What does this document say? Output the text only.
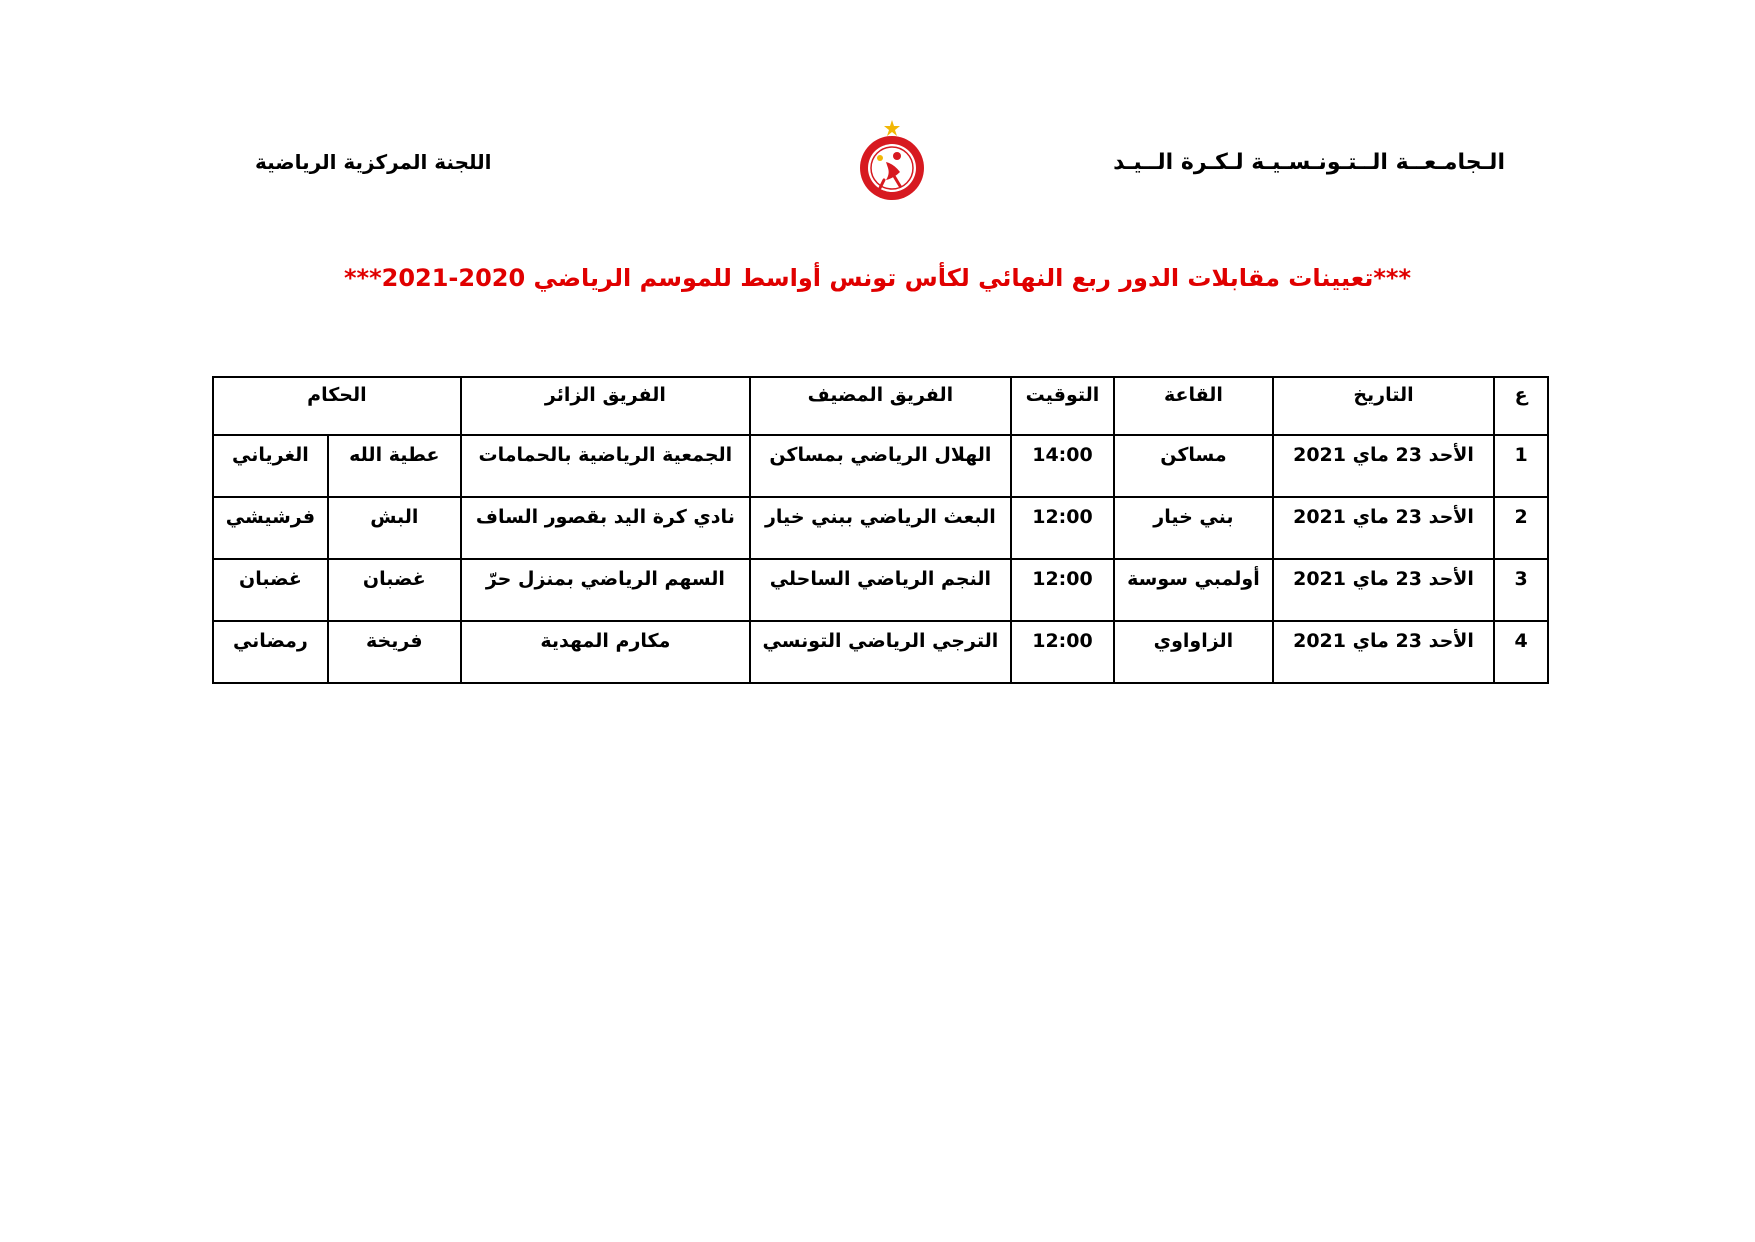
الـجامـعــة الــتـونـسـيـة لـكـرة الــيـد
اللجنة المركزية الرياضية
***تعيينات مقابلات الدور ربع النهائي لكأس تونس أواسط للموسم الرياضي 2020-2021***
ع	التاريخ	القاعة	التوقيت	الفريق المضيف	الفريق الزائر	الحكام	
1	الأحد 23 ماي 2021	مساكن	14:00	الهلال الرياضي بمساكن	الجمعية الرياضية بالحمامات	عطية الله	الغرياني
2	الأحد 23 ماي 2021	بني خيار	12:00	البعث الرياضي ببني خيار	نادي كرة اليد بقصور الساف	البش	فرشيشي
3	الأحد 23 ماي 2021	أولمبي سوسة	12:00	النجم الرياضي الساحلي	السهم الرياضي بمنزل حرّ	غضبان	غضبان
4	الأحد 23 ماي 2021	الزاواوي	12:00	الترجي الرياضي التونسي	مكارم المهدية	فريخة	رمضاني
